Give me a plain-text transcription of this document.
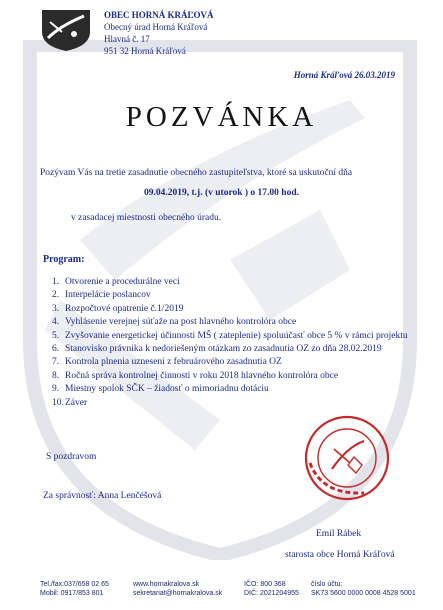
OBEC HORNÁ KRÁĽOVÁ
Obecný úrad Horná Kráľová
Hlavná č. 17
951 32 Horná Kráľová
Horná Kráľová 26.03.2019
POZVÁNKA
Pozývam Vás na tretie zasadnutie obecného zastupiteľstva, ktoré sa uskutoční dňa
09.04.2019, t.j. (v utorok ) o 17.00 hod.
v zasadacej miestnosti obecného úradu.
Program:
1. Otvorenie a procedurálne veci
2. Interpelácie poslancov
3. Rozpočtové opatrenie č.1/2019
4. Vyhlásenie verejnej súťaže na post hlavného kontrolóra obce
5. Zvyšovanie energetickej účinnosti MŠ ( zateplenie) spoluúčasť obce 5 % v rámci projektu
6. Stanovisko právnika k nedoriešeným otázkam zo zasadnutia OZ zo dňa 28.02.2019
7. Kontrola plnenia uznesení z februárového zasadnutia OZ
8. Ročná správa kontrolnej činnosti v roku 2018 hlavného kontrolóra obce
9. Miestny spolok SČK – žiadosť o mimoriadnu dotáciu
10. Záver
S pozdravom
Za správnosť: Anna Lenčéšová
Emil Rábek
starosta obce Horná Kráľová
Tel./fax:037/658 02 65
Mobil: 0917/853 801
www.hornakralova.sk
sekretariat@hornakralova.sk
IČO: 800 368
DIČ: 2021204955
číslo účtu:
SK73 5600 0000 0008 4528 5001
